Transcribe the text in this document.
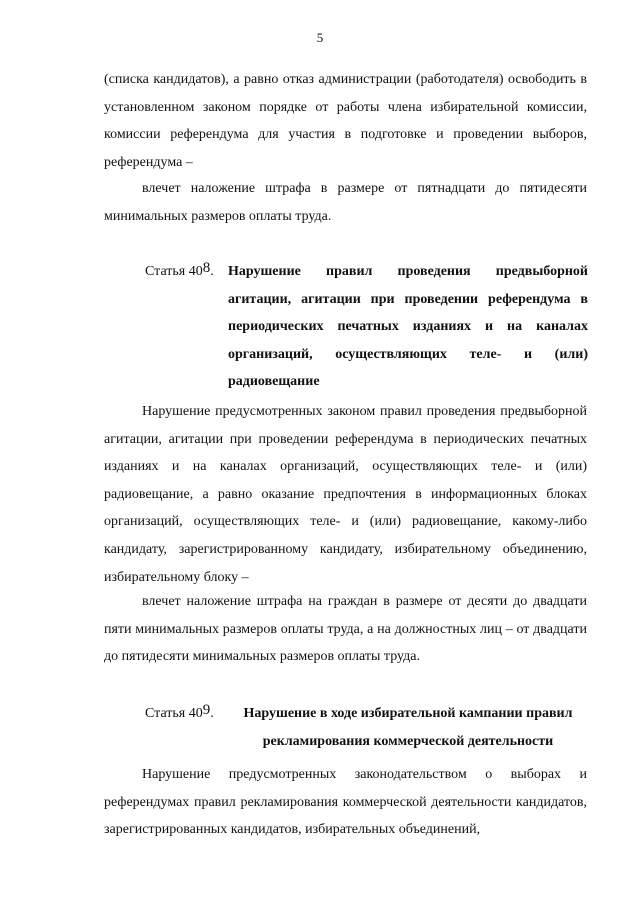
5
(списка кандидатов), а равно отказ администрации (работодателя) освободить в установленном законом порядке от работы члена избирательной комиссии, комиссии референдума для участия в подготовке и проведении выборов, референдума –
влечет наложение штрафа в размере от пятнадцати до пятидесяти минимальных размеров оплаты труда.
Статья $40^8$. Нарушение правил проведения предвыборной агитации, агитации при проведении референдума в периодических печатных изданиях и на каналах организаций, осуществляющих теле- и (или) радиовещание
Нарушение предусмотренных законом правил проведения предвыборной агитации, агитации при проведении референдума в периодических печатных изданиях и на каналах организаций, осуществляющих теле- и (или) радиовещание, а равно оказание предпочтения в информационных блоках организаций, осуществляющих теле- и (или) радиовещание, какому-либо кандидату, зарегистрированному кандидату, избирательному объединению, избирательному блоку –
влечет наложение штрафа на граждан в размере от десяти до двадцати пяти минимальных размеров оплаты труда, а на должностных лиц – от двадцати до пятидесяти минимальных размеров оплаты труда.
Статья $40^9$.	Нарушение в ходе избирательной кампании правил рекламирования коммерческой деятельности
Нарушение предусмотренных законодательством о выборах и референдумах правил рекламирования коммерческой деятельности кандидатов, зарегистрированных кандидатов, избирательных объединений,
